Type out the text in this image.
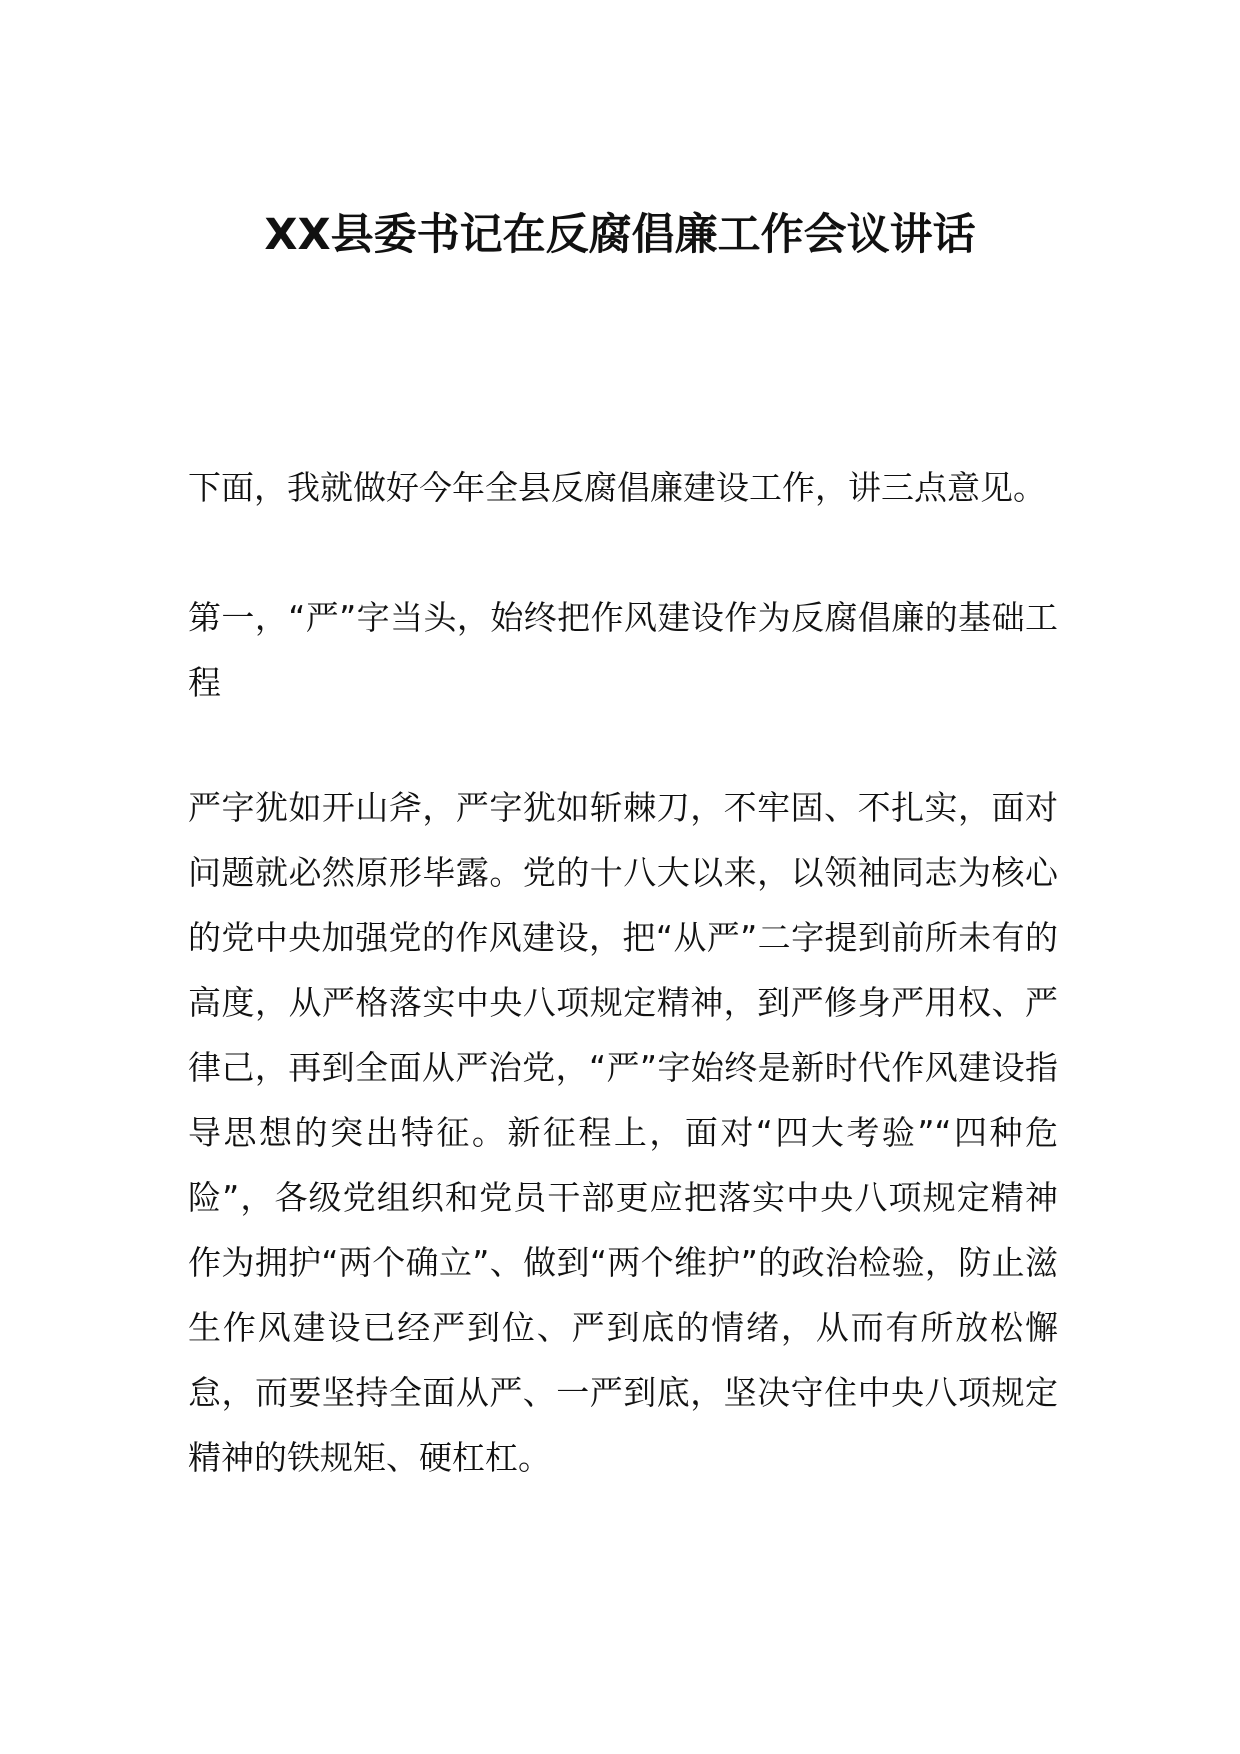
XX县委书记在反腐倡廉工作会议讲话
下面，我就做好今年全县反腐倡廉建设工作，讲三点意见。
第一，“严”字当头，始终把作风建设作为反腐倡廉的基础工程
严字犹如开山斧，严字犹如斩棘刀，不牢固、不扎实，面对问题就必然原形毕露。党的十八大以来，以领袖同志为核心的党中央加强党的作风建设，把“从严”二字提到前所未有的高度，从严格落实中央八项规定精神，到严修身严用权、严律己，再到全面从严治党，“严”字始终是新时代作风建设指导思想的突出特征。新征程上，面对“四大考验”“四种危险”，各级党组织和党员干部更应把落实中央八项规定精神作为拥护“两个确立”、做到“两个维护”的政治检验，防止滋生作风建设已经严到位、严到底的情绪，从而有所放松懈怠，而要坚持全面从严、一严到底，坚决守住中央八项规定精神的铁规矩、硬杠杠。
